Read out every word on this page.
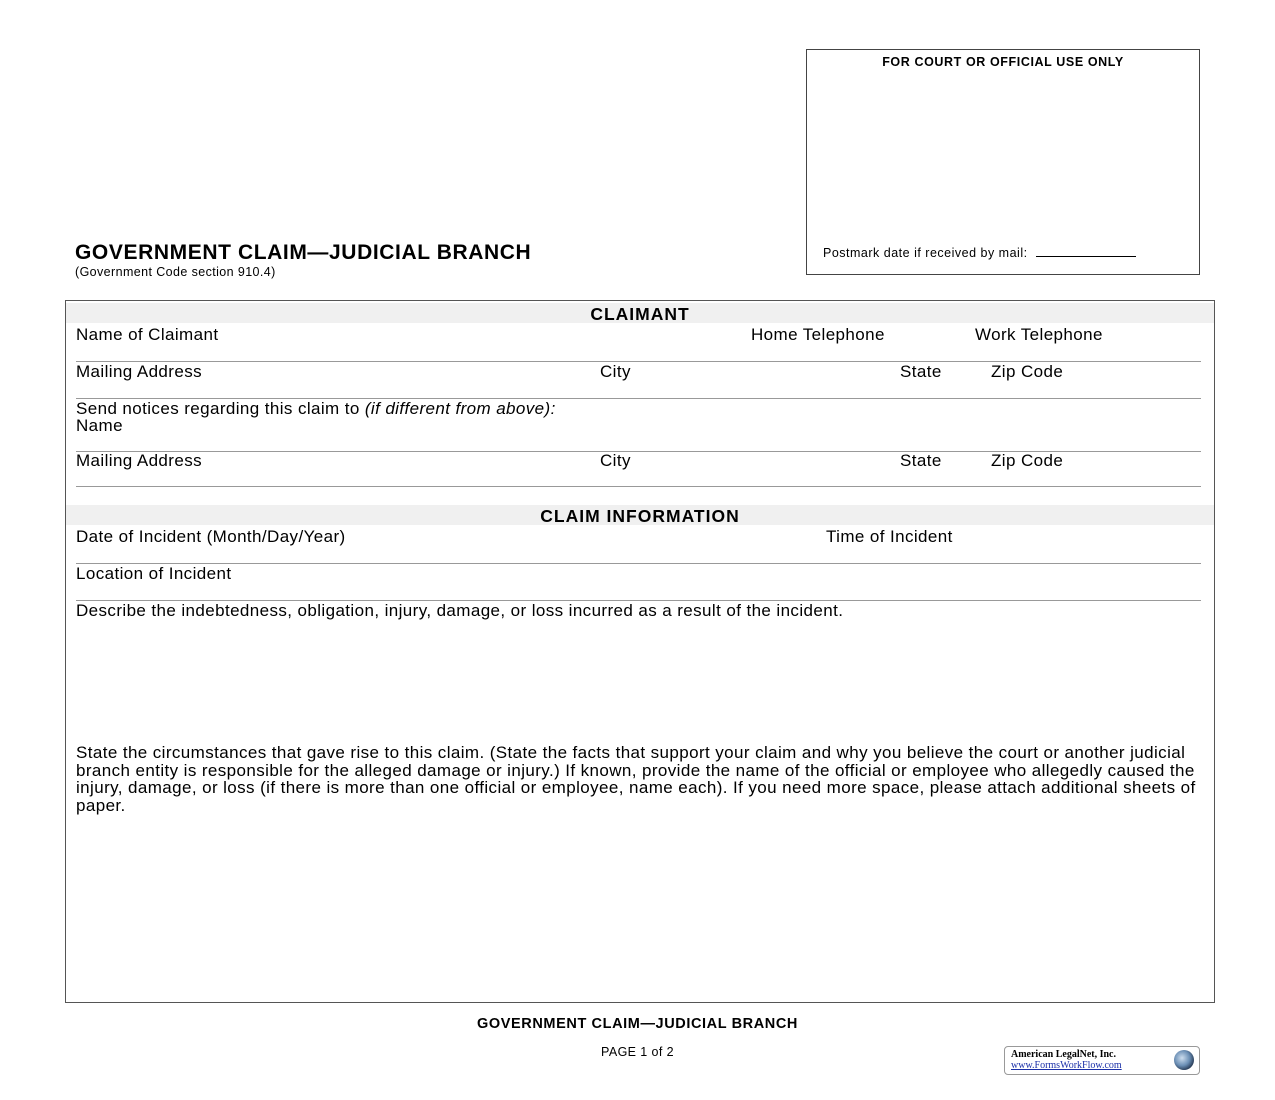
FOR COURT OR OFFICIAL USE ONLY
Postmark date if received by mail:
GOVERNMENT CLAIM—JUDICIAL BRANCH
(Government Code section 910.4)
CLAIMANT
Name of Claimant	Home Telephone	Work Telephone
Mailing Address	City	State	Zip Code
Send notices regarding this claim to (if different from above):
Name
Mailing Address	City	State	Zip Code
CLAIM INFORMATION
Date of Incident (Month/Day/Year)	Time of Incident
Location of Incident
Describe the indebtedness, obligation, injury, damage, or loss incurred as a result of the incident.
State the circumstances that gave rise to this claim. (State the facts that support your claim and why you believe the court or another judicial branch entity is responsible for the alleged damage or injury.) If known, provide the name of the official or employee who allegedly caused the injury, damage, or loss (if there is more than one official or employee, name each). If you need more space, please attach additional sheets of paper.
GOVERNMENT CLAIM—JUDICIAL BRANCH
PAGE 1 of 2	American LegalNet, Inc.
www.FormsWorkFlow.com
